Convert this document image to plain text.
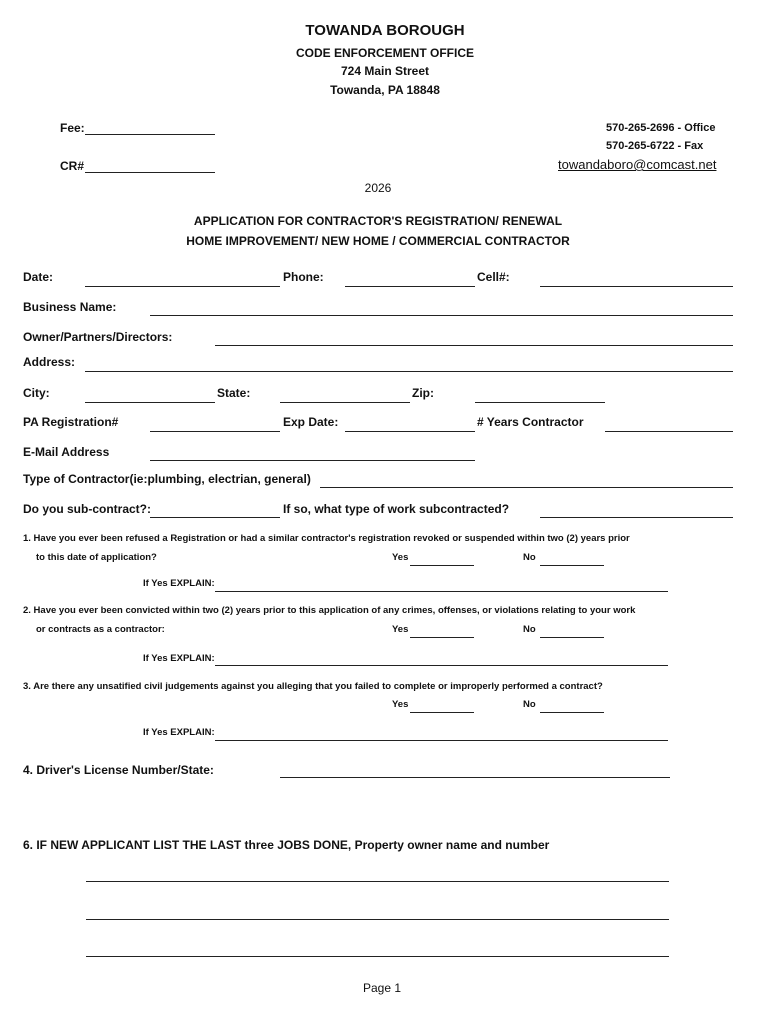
TOWANDA BOROUGH
CODE ENFORCEMENT OFFICE
724 Main Street
Towanda, PA 18848
Fee:
CR#
570-265-2696 - Office
570-265-6722 - Fax
towandaboro@comcast.net
2026
APPLICATION FOR CONTRACTOR'S REGISTRATION/ RENEWAL
HOME IMPROVEMENT/ NEW HOME / COMMERCIAL CONTRACTOR
Date:	Phone:	Cell#:
Business Name:
Owner/Partners/Directors:
Address:
City:	State:	Zip:
PA Registration#	Exp Date:	# Years Contractor
E-Mail Address
Type of Contractor(ie:plumbing, electrian, general)
Do you sub-contract?:	If so, what type of work subcontracted?
1. Have you ever been refused a Registration or had a similar contractor's registration revoked or suspended within two (2) years prior
to this date of application?	Yes	No
If Yes EXPLAIN:
2. Have you ever been convicted within two (2) years prior to this application of any crimes, offenses, or violations relating to your work
or contracts as a contractor:	Yes	No
If Yes EXPLAIN:
3. Are there any unsatified civil judgements against you alleging that you failed to complete or improperly performed a contract?
Yes	No
If Yes EXPLAIN:
4. Driver's License Number/State:
6. IF NEW APPLICANT LIST THE LAST three JOBS DONE, Property owner name and number
Page 1
